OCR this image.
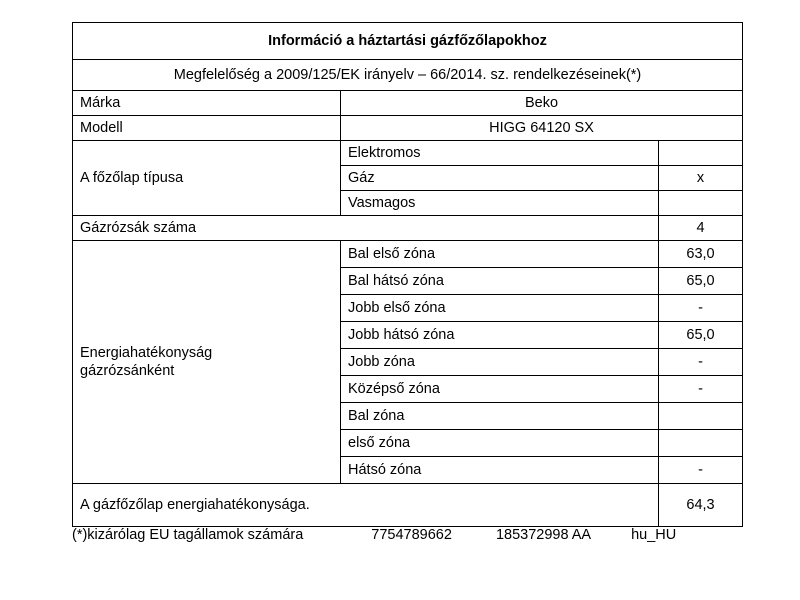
Információ a háztartási gázfőzőlapokhoz		
Megfelelőség a 2009/125/EK irányelv – 66/2014. sz. rendelkezéseinek(*)		
Márka	Beko	
Modell	HIGG 64120 SX	
A főzőlap típusa	Elektromos	
	Gáz	x
	Vasmagos	
Gázrózsák száma		4

Energiahatékonyság
gázrózsánként	Bal első zóna	63,0
	Bal hátsó zóna	65,0
	Jobb első zóna	-
	Jobb hátsó zóna	65,0
	Jobb zóna	-
	Középső zóna	-
	Bal zóna	
	első zóna	
	Hátsó zóna	-
A gázfőzőlap energiahatékonysága.		64,3
(*)kizárólag EU tagállamok számára	7754789662	185372998 AA	hu_HU
